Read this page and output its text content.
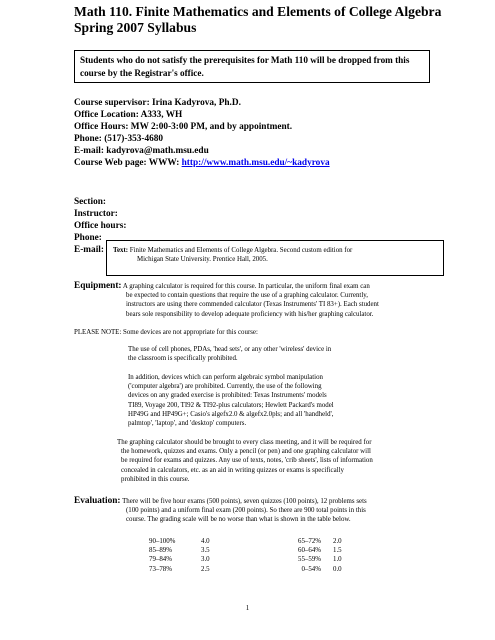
Math 110. Finite Mathematics and Elements of College Algebra
Spring 2007 Syllabus
Students who do not satisfy the prerequisites for Math 110 will be dropped from this course by the Registrar's office.
Course supervisor: Irina Kadyrova, Ph.D.
Office Location: A333, WH
Office Hours: MW 2:00-3:00 PM, and by appointment.
Phone: (517)-353-4680
E-mail: kadyrova@math.msu.edu
Course Web page: WWW: http://www.math.msu.edu/~kadyrova
Section:
Instructor:
Office hours:
Phone:
E-mail:	Text: Finite Mathematics and Elements of College Algebra. Second custom edition for
Michigan State University. Prentice Hall, 2005.
Equipment: A graphing calculator is required for this course. In particular, the uniform final exam can
be expected to contain questions that require the use of a graphing calculator. Currently,
instructors are using there commended calculator (Texas Instruments' TI 83+). Each student
bears sole responsibility to develop adequate proficiency with his/her graphing calculator.
PLEASE NOTE: Some devices are not appropriate for this course:
The use of cell phones, PDAs, 'head sets', or any other 'wireless' device in
the classroom is specifically prohibited.
In addition, devices which can perform algebraic symbol manipulation
('computer algebra') are prohibited. Currently, the use of the following
devices on any graded exercise is prohibited: Texas Instruments' models
TI89, Voyage 200, TI92 & TI92-plus calculators; Hewlett Packard's model
HP49G and HP49G+; Casio's algefx2.0 & algefx2.0pls; and all 'handheld',
palmtop', 'laptop', and 'desktop' computers.
The graphing calculator should be brought to every class meeting, and it will be required for
the homework, quizzes and exams. Only a pencil (or pen) and one graphing calculator will
be required for exams and quizzes. Any use of texts, notes, 'crib sheets', lists of information
concealed in calculators, etc. as an aid in writing quizzes or exams is specifically
prohibited in this course.
Evaluation: There will be five hour exams (500 points), seven quizzes (100 points), 12 problems sets
(100 points) and a uniform final exam (200 points). So there are 900 total points in this
course. The grading scale will be no worse than what is shown in the table below.
90–100%	4.0	65–72%	2.0
85–89%	3.5	60–64%	1.5
79–84%	3.0	55–59%	1.0
73–78%	2.5	0–54%	0.0
1
